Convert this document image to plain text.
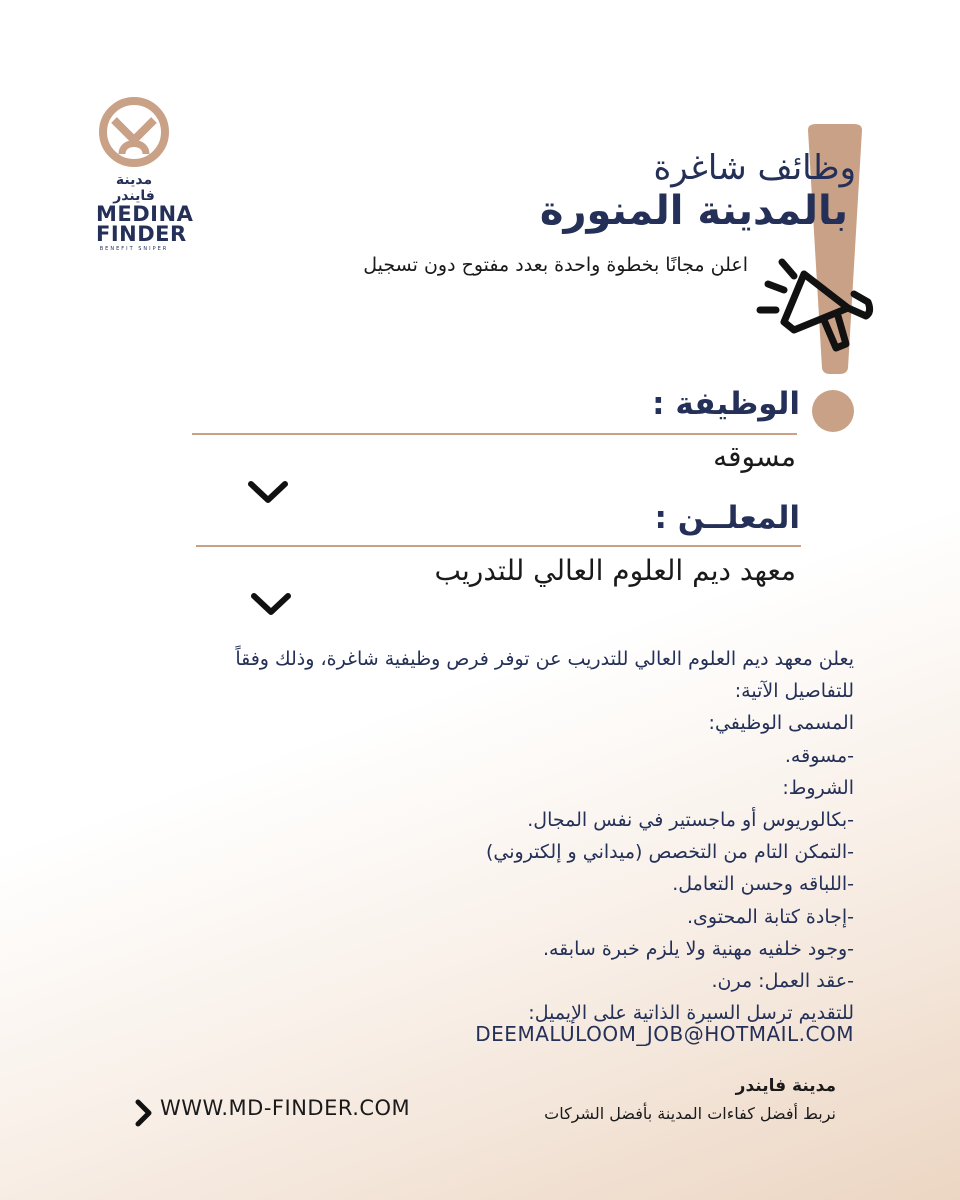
مدينة فايندر
MEDINA
FINDER
BENEFIT SNIPER
وظائف شاغرة
بالمدينة المنورة
اعلن مجانًا بخطوة واحدة بعدد مفتوح دون تسجيل
الوظيفة :
مسوقه
المعلــن :
معهد ديم العلوم العالي للتدريب
يعلن معهد ديم العلوم العالي للتدريب عن توفر فرص وظيفية شاغرة، وذلك وفقاً
للتفاصيل الآتية:
المسمى الوظيفي:
-مسوقه.
الشروط:
-بكالوريوس أو ماجستير في نفس المجال.
-التمكن التام من التخصص (ميداني و إلكتروني)
-اللباقه وحسن التعامل.
-إجادة كتابة المحتوى.
-وجود خلفيه مهنية ولا يلزم خبرة سابقه.
-عقد العمل: مرن.
للتقديم ترسل السيرة الذاتية على الإيميل:
DEEMALULOOM_JOB@HOTMAIL.COM
مدينة فايندر
نربط أفضل كفاءات المدينة بأفضل الشركات
WWW.MD-FINDER.COM
